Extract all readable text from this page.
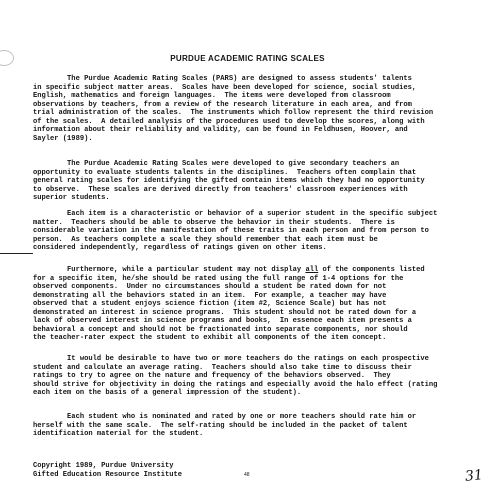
PURDUE ACADEMIC RATING SCALES
The Purdue Academic Rating Scales (PARS) are designed to assess students' talents
in specific subject matter areas.  Scales have been developed for science, social studies,
English, mathematics and foreign languages.  The items were developed from classroom
observations by teachers, from a review of the research literature in each area, and from
trial administration of the scales.  The instruments which follow represent the third revision
of the scales.  A detailed analysis of the procedures used to develop the scores, along with
information about their reliability and validity, can be found in Feldhusen, Hoover, and
Sayler (1989).
The Purdue Academic Rating Scales were developed to give secondary teachers an
opportunity to evaluate students talents in the disciplines.  Teachers often complain that
general rating scales for identifying the gifted contain items which they had no opportunity
to observe.  These scales are derived directly from teachers' classroom experiences with
superior students.
Each item is a characteristic or behavior of a superior student in the specific subject
matter.  Teachers should be able to observe the behavior in their students.  There is
considerable variation in the manifestation of these traits in each person and from person to
person.  As teachers complete a scale they should remember that each item must be
considered independently, regardless of ratings given on other items.
Furthermore, while a particular student may not display all of the components listed
for a specific item, he/she should be rated using the full range of 1-4 options for the
observed components.  Under no circumstances should a student be rated down for not
demonstrating all the behaviors stated in an item.  For example, a teacher may have
observed that a student enjoys science fiction (item #2, Science Scale) but has not
demonstrated an interest in science programs.  This student should not be rated down for a
lack of observed interest in science programs and books,  In essence each item presents a
behavioral a concept and should not be fractionated into separate components, nor should
the teacher-rater expect the student to exhibit all components of the item concept.
It would be desirable to have two or more teachers do the ratings on each prospective
student and calculate an average rating.  Teachers should also take time to discuss their
ratings to try to agree on the nature and frequency of the behaviors observed.  They
should strive for objectivity in doing the ratings and especially avoid the halo effect (rating
each item on the basis of a general impression of the student).
Each student who is nominated and rated by one or more teachers should rate him or
herself with the same scale.  The self-rating should be included in the packet of talent
identification material for the student.
Copyright 1989, Purdue University
Gifted Education Resource Institute	48	31
